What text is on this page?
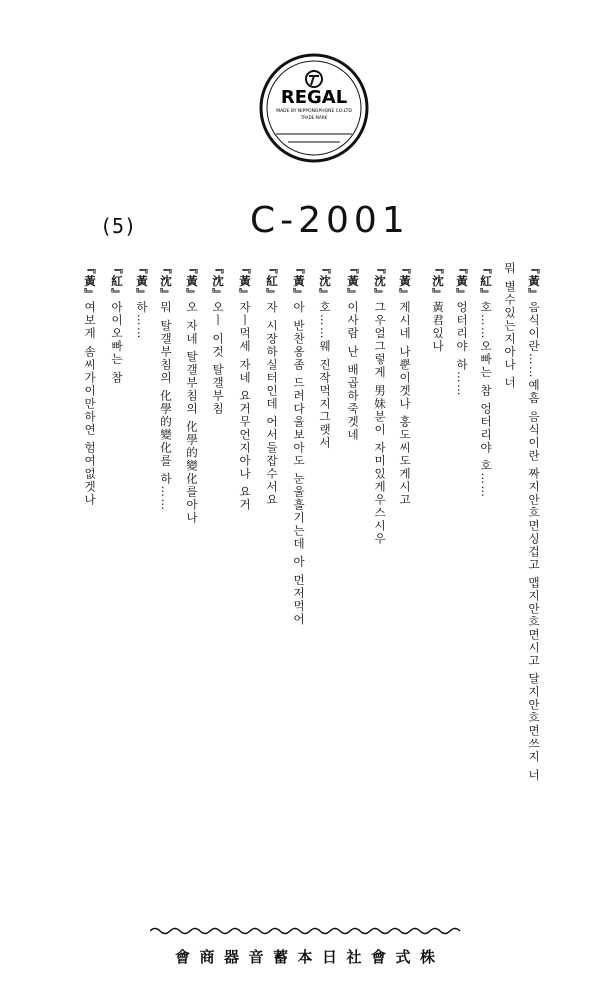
REGAL
MADE BY NIPPONOPHONE CO.LTD
TRADE MARK
(5)	C-2001
『黃』음식이란……예흠 음식이란 짜지안흐면싱겁고 맵지안흐면시고 달지안흐면쓰지 너
뭐 별수있는지아나 너
『紅』호……오빠는 참 엉터리야 호……
『黃』엉터리야 하……
『沈』黃君있나
『黃』게시네 나뿐이겟나 홍도씨도게시고
『沈』그우얼그렇게 男妹분이 자미있게우스시우
『黃』이사람 난 배곱하죽겟네
『沈』호……웨 진작먹지그랫서
『黃』아 반찬옹좀 드려다울보아도 눈울흘기는데 아 먼저먹어
『紅』자 시장하실터인데 어서들잡수서요
『黃』자ㅣ먹세 자네 요거무언지아나 요거
『沈』오ㅣ 이것 탈갤부침
『黃』오 자네 탈갤부침의 化學的變化를아나
『沈』뭐 탈갤부침의 化學的變化를 하……
『黃』하……
『紅』아이오빠는 참
『黃』여보게 솜씨가이만하연 험여없겟나
會商器音蓄本日社會式株
